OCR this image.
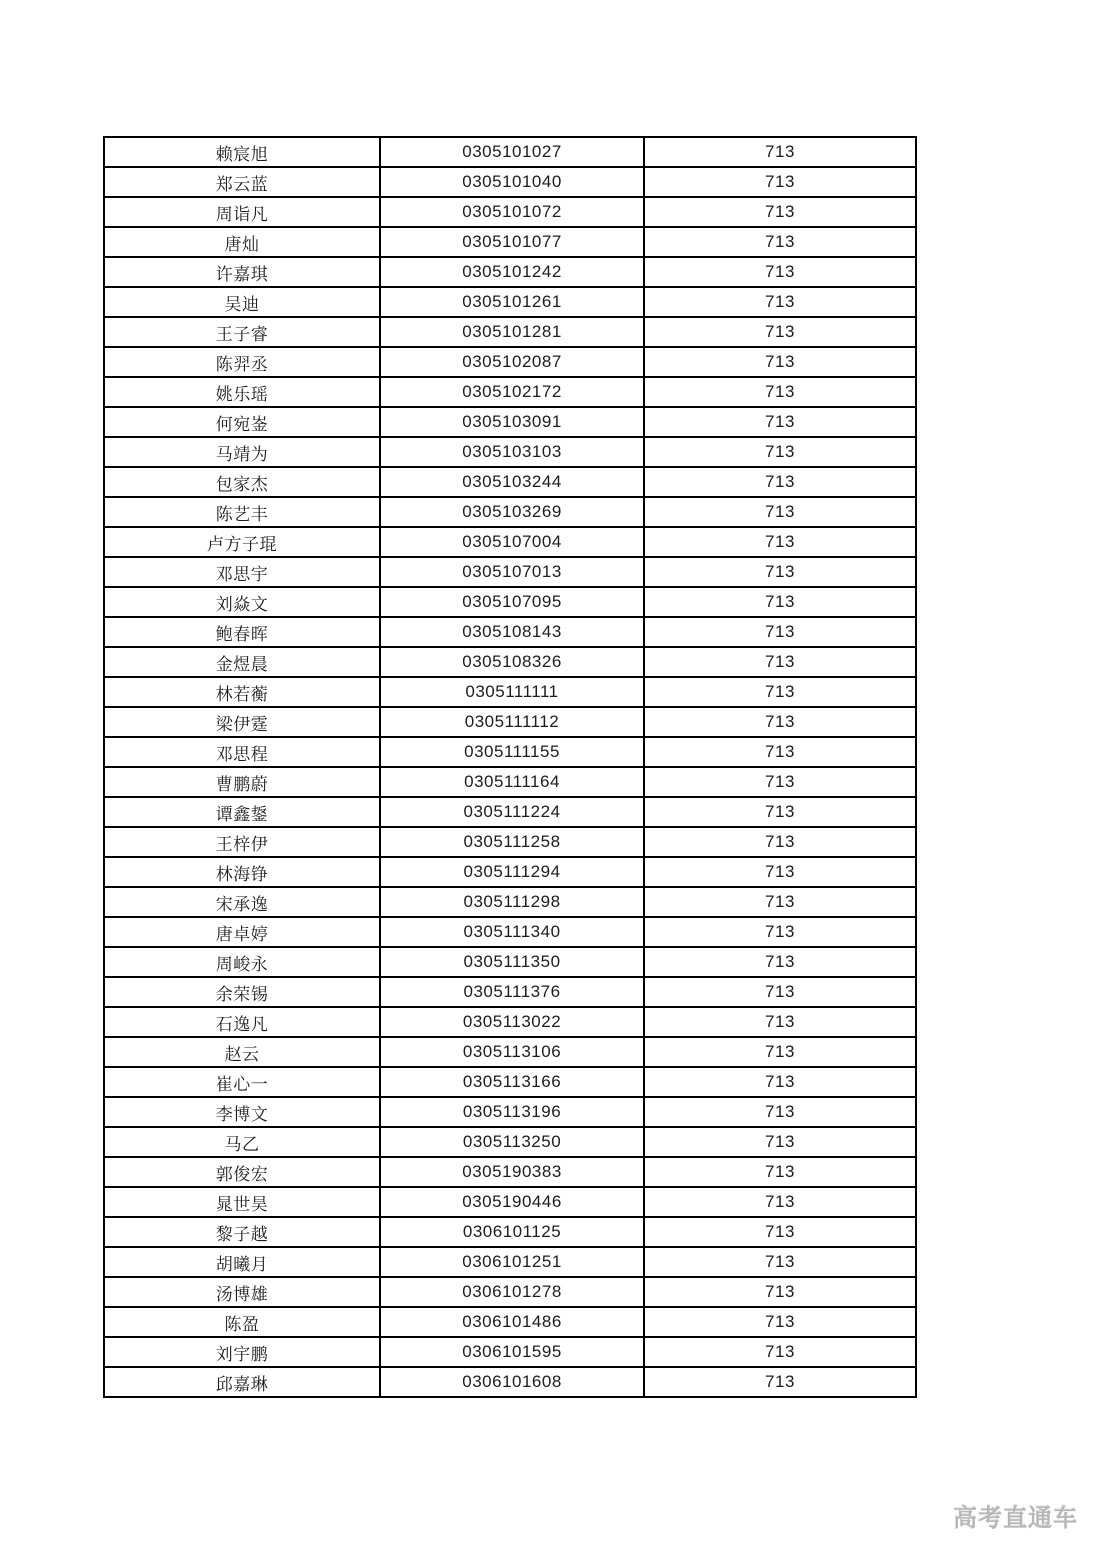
赖宸旭	0305101027	713
郑云蓝	0305101040	713
周诣凡	0305101072	713
唐灿	0305101077	713
许嘉琪	0305101242	713
吴迪	0305101261	713
王子睿	0305101281	713
陈羿丞	0305102087	713
姚乐瑶	0305102172	713
何宛崟	0305103091	713
马靖为	0305103103	713
包家杰	0305103244	713
陈艺丰	0305103269	713
卢方子琨	0305107004	713
邓思宇	0305107013	713
刘焱文	0305107095	713
鲍春晖	0305108143	713
金煜晨	0305108326	713
林若蘅	0305111111	713
梁伊霆	0305111112	713
邓思程	0305111155	713
曹鹏蔚	0305111164	713
谭鑫鋬	0305111224	713
王梓伊	0305111258	713
林海铮	0305111294	713
宋承逸	0305111298	713
唐卓婷	0305111340	713
周峻永	0305111350	713
余荣锡	0305111376	713
石逸凡	0305113022	713
赵云	0305113106	713
崔心一	0305113166	713
李博文	0305113196	713
马乙	0305113250	713
郭俊宏	0305190383	713
晁世昊	0305190446	713
黎子越	0306101125	713
胡曦月	0306101251	713
汤博雄	0306101278	713
陈盈	0306101486	713
刘宇鹏	0306101595	713
邱嘉琳	0306101608	713
高考直通车
